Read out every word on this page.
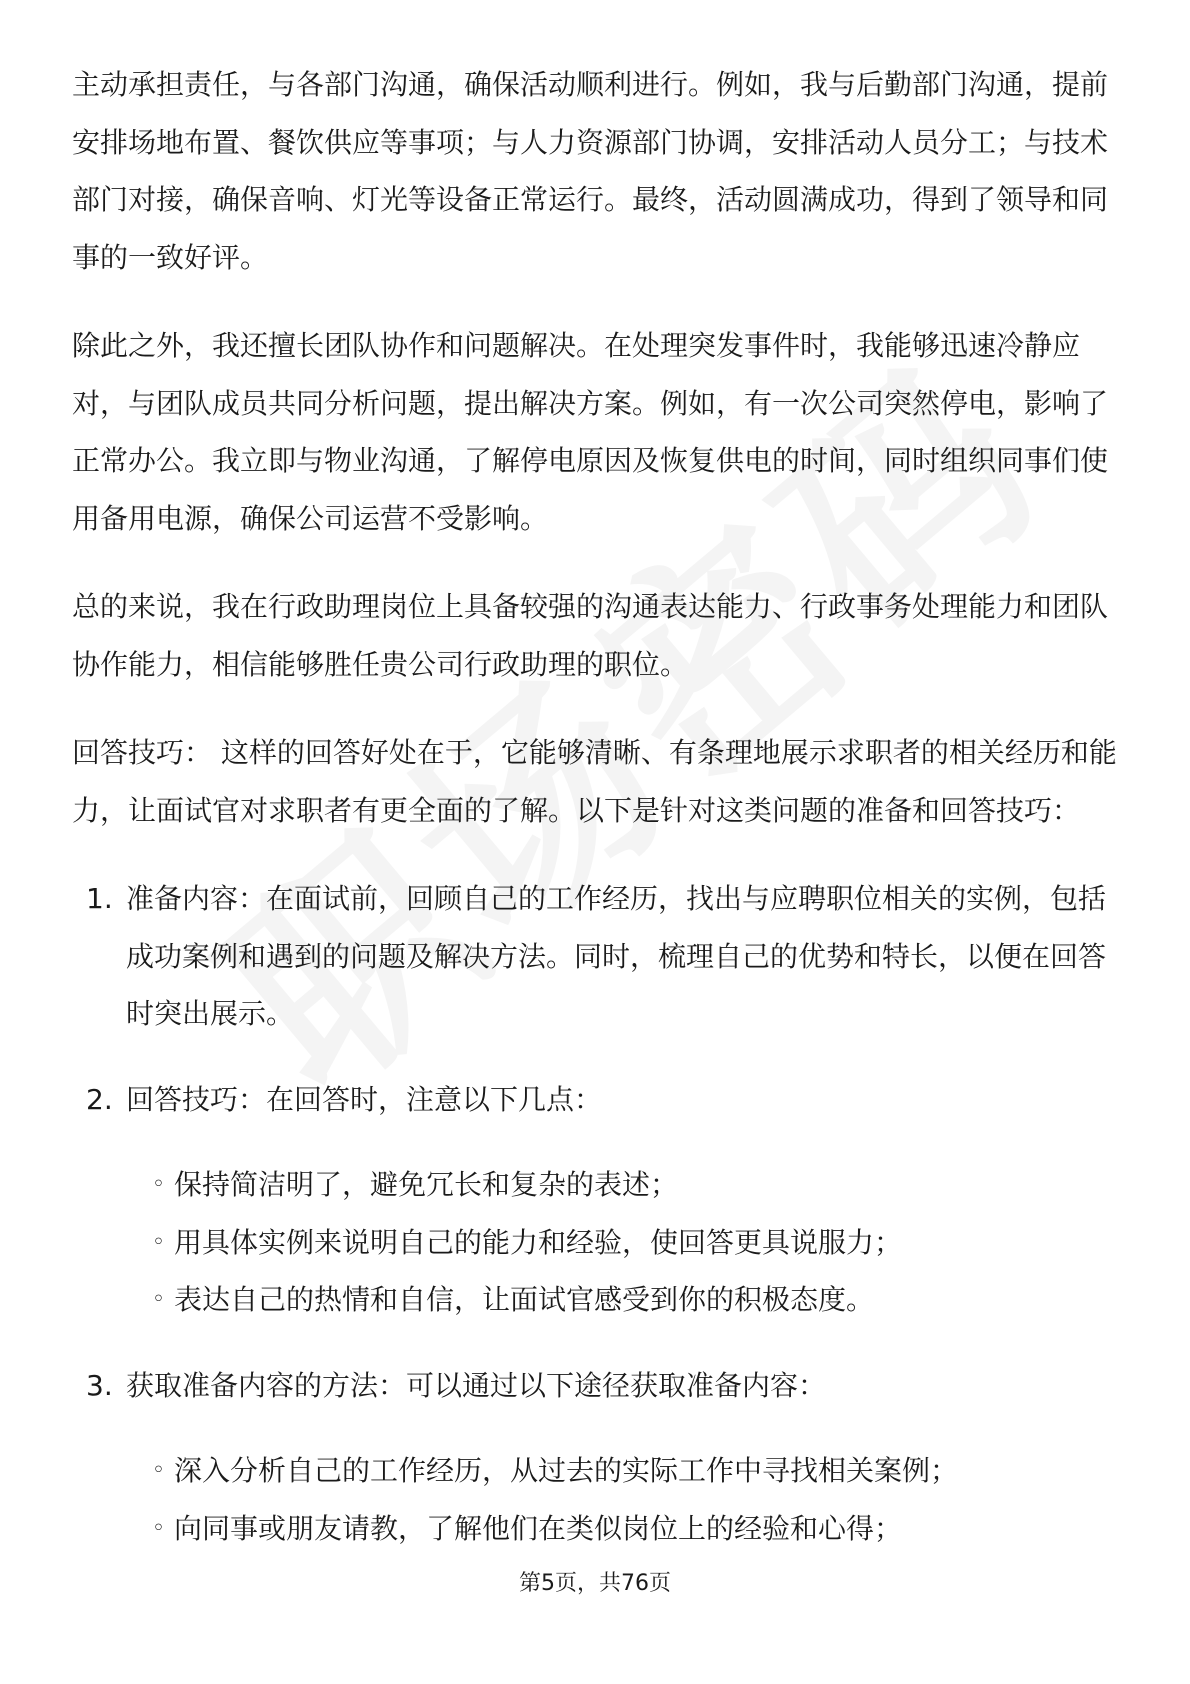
主动承担责任，与各部门沟通，确保活动顺利进行。例如，我与后勤部门沟通，提前安排场地布置、餐饮供应等事项；与人力资源部门协调，安排活动人员分工；与技术部门对接，确保音响、灯光等设备正常运行。最终，活动圆满成功，得到了领导和同事的一致好评。

除此之外，我还擅长团队协作和问题解决。在处理突发事件时，我能够迅速冷静应对，与团队成员共同分析问题，提出解决方案。例如，有一次公司突然停电，影响了正常办公。我立即与物业沟通，了解停电原因及恢复供电的时间，同时组织同事们使用备用电源，确保公司运营不受影响。

总的来说，我在行政助理岗位上具备较强的沟通表达能力、行政事务处理能力和团队协作能力，相信能够胜任贵公司行政助理的职位。

回答技巧： 这样的回答好处在于，它能够清晰、有条理地展示求职者的相关经历和能力，让面试官对求职者有更全面的了解。以下是针对这类问题的准备和回答技巧：

1. 准备内容：在面试前，回顾自己的工作经历，找出与应聘职位相关的实例，包括成功案例和遇到的问题及解决方法。同时，梳理自己的优势和特长，以便在回答时突出展示。

2. 回答技巧：在回答时，注意以下几点：

◦ 保持简洁明了，避免冗长和复杂的表述；
◦ 用具体实例来说明自己的能力和经验，使回答更具说服力；
◦ 表达自己的热情和自信，让面试官感受到你的积极态度。
3. 获取准备内容的方法：可以通过以下途径获取准备内容：

◦ 深入分析自己的工作经历，从过去的实际工作中寻找相关案例；
◦ 向同事或朋友请教，了解他们在类似岗位上的经验和心得；
第5页，共76页
